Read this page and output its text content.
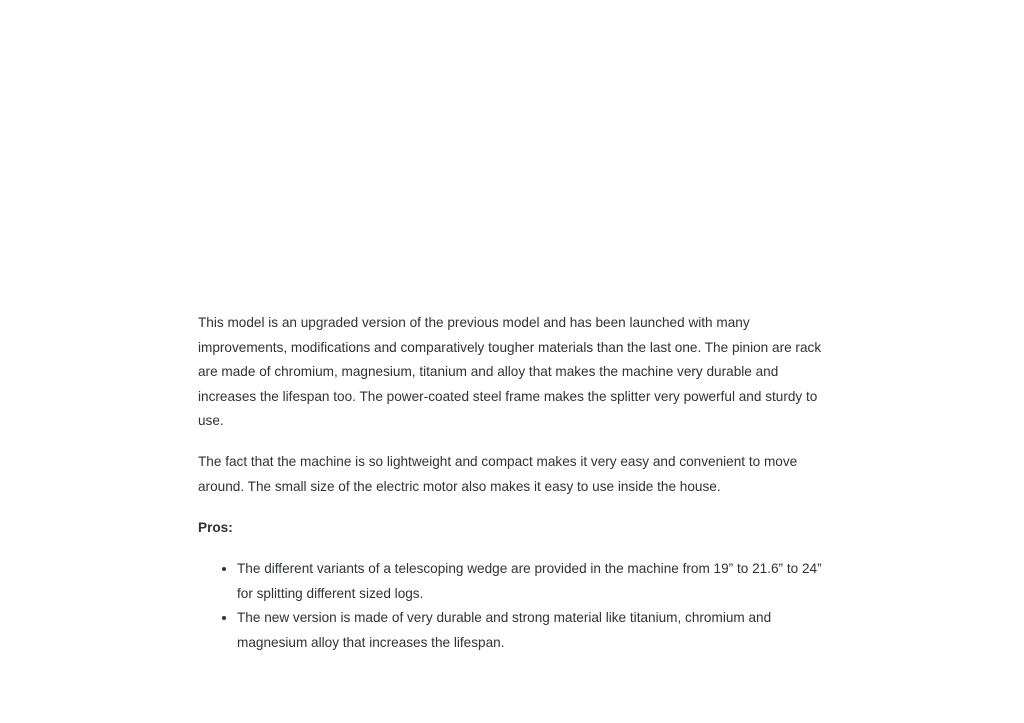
This model is an upgraded version of the previous model and has been launched with many improvements, modifications and comparatively tougher materials than the last one. The pinion are rack are made of chromium, magnesium, titanium and alloy that makes the machine very durable and increases the lifespan too. The power-coated steel frame makes the splitter very powerful and sturdy to use.

The fact that the machine is so lightweight and compact makes it very easy and convenient to move around. The small size of the electric motor also makes it easy to use inside the house.

Pros:

• The different variants of a telescoping wedge are provided in the machine from 19” to 21.6” to 24” for splitting different sized logs.
• The new version is made of very durable and strong material like titanium, chromium and magnesium alloy that increases the lifespan.
